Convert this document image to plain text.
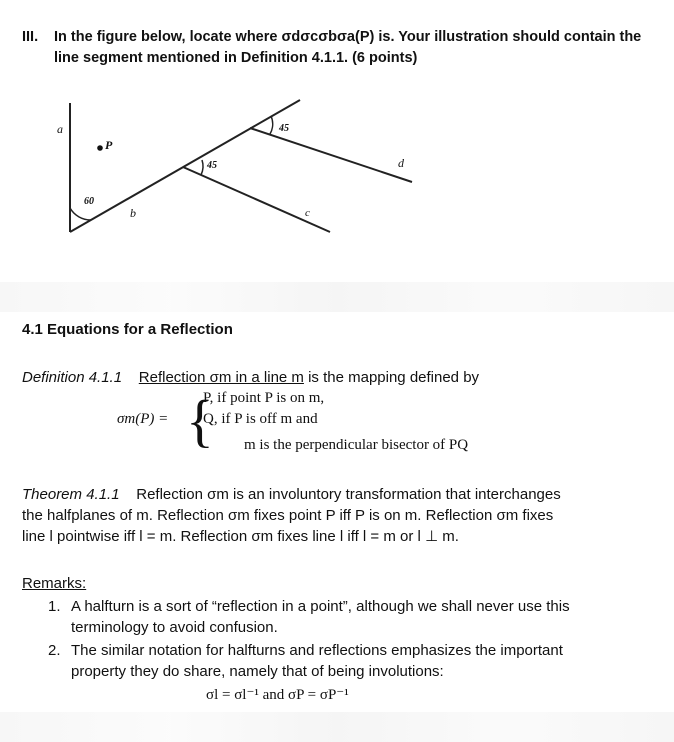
III. In the figure below, locate where σdσcσbσa(P) is. Your illustration should contain the
line segment mentioned in Definition 4.1.1. (6 points)
a
P
b	c
d
60
45
45
4.1 Equations for a Reflection
Definition 4.1.1 Reflection σm in a line m is the mapping defined by
σm(P) = {
P, if point P is on m,
Q, if P is off m and
m is the perpendicular bisector of PQ
Theorem 4.1.1 Reflection σm is an involuntory transformation that interchanges
the halfplanes of m. Reflection σm fixes point P iff P is on m. Reflection σm fixes
line l pointwise iff l = m. Reflection σm fixes line l iff l = m or l ⊥ m.
Remarks:
1. A halfturn is a sort of “reflection in a point”, although we shall never use this
terminology to avoid confusion.
2. The similar notation for halfturns and reflections emphasizes the important
property they do share, namely that of being involutions:
σl = σl⁻¹ and σP = σP⁻¹
